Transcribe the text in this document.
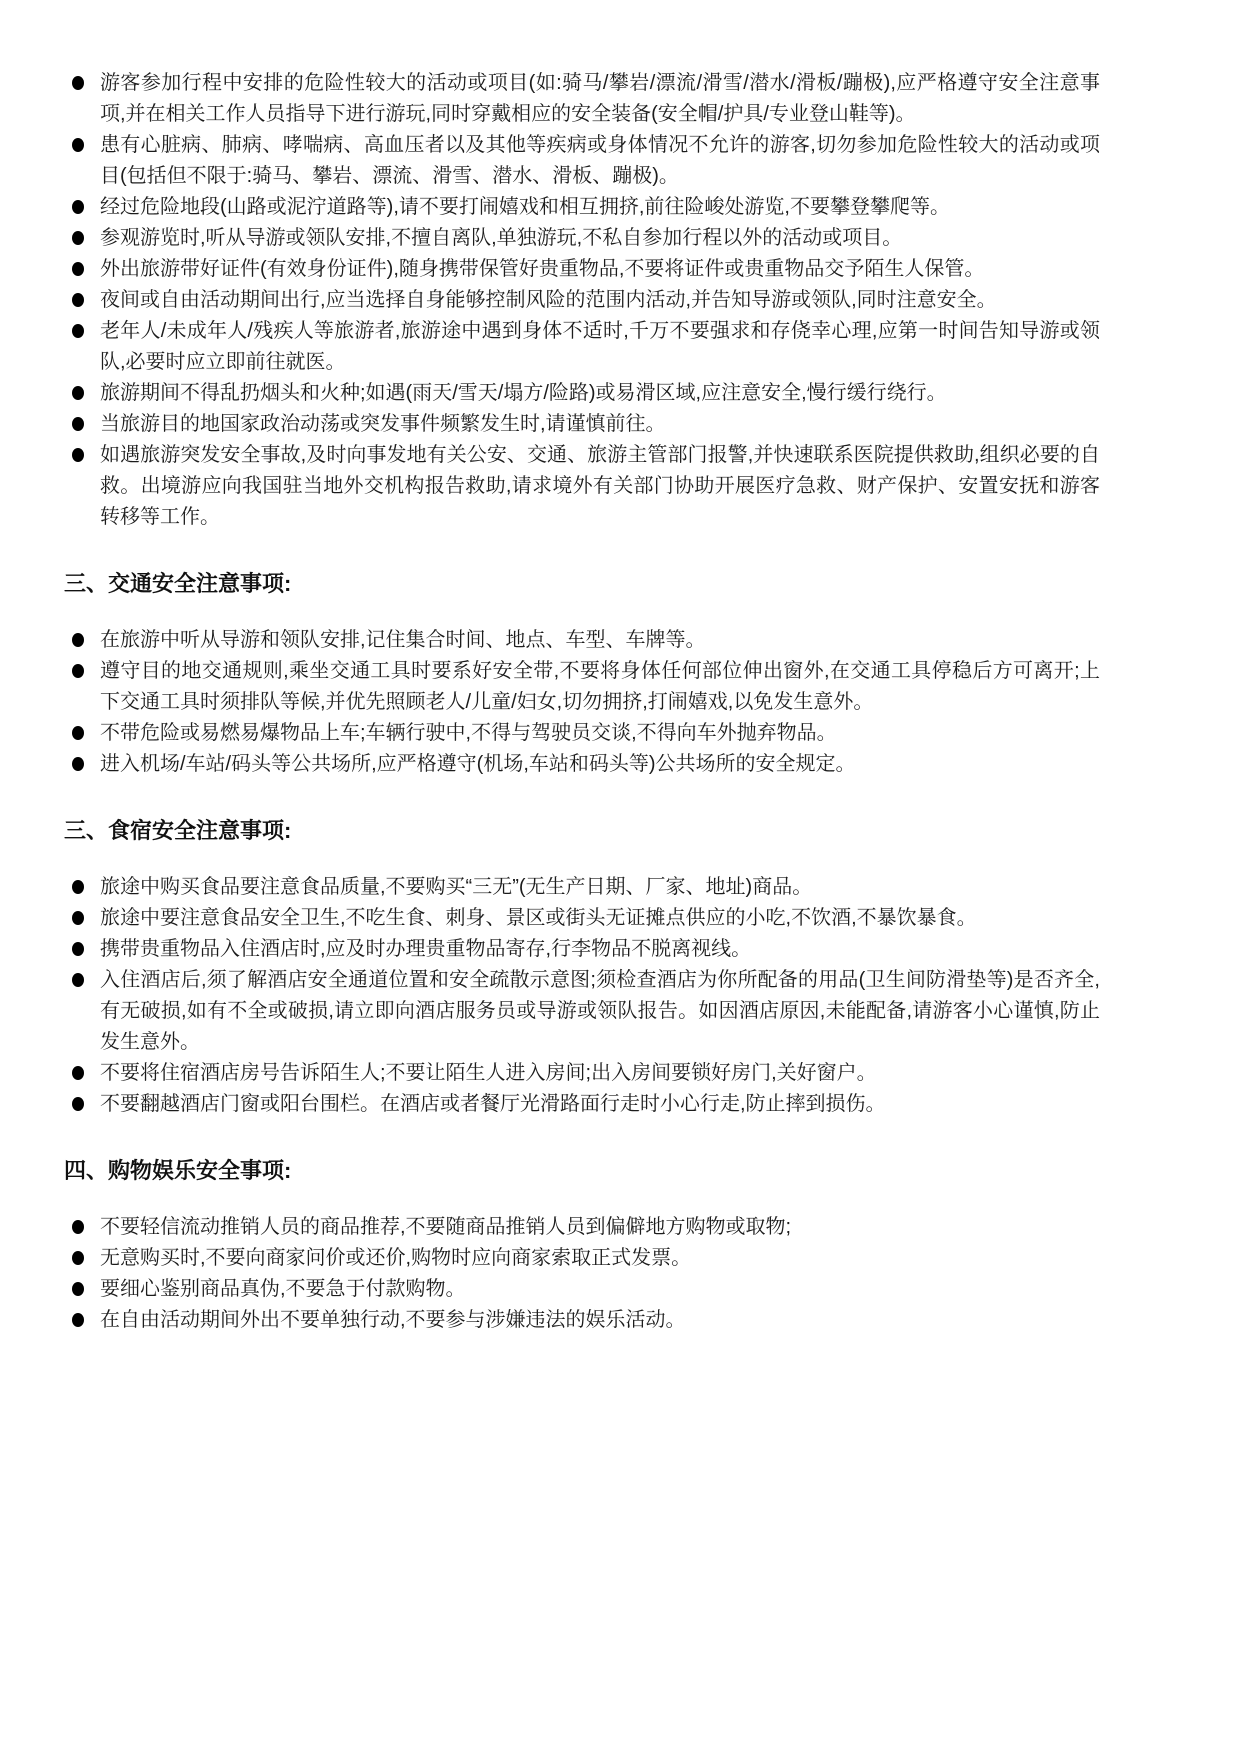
游客参加行程中安排的危险性较大的活动或项目(如:骑马/攀岩/漂流/滑雪/潜水/滑板/蹦极),应严格遵守安全注意事项,并在相关工作人员指导下进行游玩,同时穿戴相应的安全装备(安全帽/护具/专业登山鞋等)。
患有心脏病、肺病、哮喘病、高血压者以及其他等疾病或身体情况不允许的游客,切勿参加危险性较大的活动或项目(包括但不限于:骑马、攀岩、漂流、滑雪、潜水、滑板、蹦极)。
经过危险地段(山路或泥泞道路等),请不要打闹嬉戏和相互拥挤,前往险峻处游览,不要攀登攀爬等。
参观游览时,听从导游或领队安排,不擅自离队,单独游玩,不私自参加行程以外的活动或项目。
外出旅游带好证件(有效身份证件),随身携带保管好贵重物品,不要将证件或贵重物品交予陌生人保管。
夜间或自由活动期间出行,应当选择自身能够控制风险的范围内活动,并告知导游或领队,同时注意安全。
老年人/未成年人/残疾人等旅游者,旅游途中遇到身体不适时,千万不要强求和存侥幸心理,应第一时间告知导游或领队,必要时应立即前往就医。
旅游期间不得乱扔烟头和火种;如遇(雨天/雪天/塌方/险路)或易滑区域,应注意安全,慢行缓行绕行。
当旅游目的地国家政治动荡或突发事件频繁发生时,请谨慎前往。
如遇旅游突发安全事故,及时向事发地有关公安、交通、旅游主管部门报警,并快速联系医院提供救助,组织必要的自救。出境游应向我国驻当地外交机构报告救助,请求境外有关部门协助开展医疗急救、财产保护、安置安抚和游客转移等工作。
三、交通安全注意事项:
在旅游中听从导游和领队安排,记住集合时间、地点、车型、车牌等。
遵守目的地交通规则,乘坐交通工具时要系好安全带,不要将身体任何部位伸出窗外,在交通工具停稳后方可离开;上下交通工具时须排队等候,并优先照顾老人/儿童/妇女,切勿拥挤,打闹嬉戏,以免发生意外。
不带危险或易燃易爆物品上车;车辆行驶中,不得与驾驶员交谈,不得向车外抛弃物品。
进入机场/车站/码头等公共场所,应严格遵守(机场,车站和码头等)公共场所的安全规定。
三、食宿安全注意事项:
旅途中购买食品要注意食品质量,不要购买“三无”(无生产日期、厂家、地址)商品。
旅途中要注意食品安全卫生,不吃生食、刺身、景区或街头无证摊点供应的小吃,不饮酒,不暴饮暴食。
携带贵重物品入住酒店时,应及时办理贵重物品寄存,行李物品不脱离视线。
入住酒店后,须了解酒店安全通道位置和安全疏散示意图;须检查酒店为你所配备的用品(卫生间防滑垫等)是否齐全,有无破损,如有不全或破损,请立即向酒店服务员或导游或领队报告。如因酒店原因,未能配备,请游客小心谨慎,防止发生意外。
不要将住宿酒店房号告诉陌生人;不要让陌生人进入房间;出入房间要锁好房门,关好窗户。
不要翻越酒店门窗或阳台围栏。在酒店或者餐厅光滑路面行走时小心行走,防止摔到损伤。
四、购物娱乐安全事项:
不要轻信流动推销人员的商品推荐,不要随商品推销人员到偏僻地方购物或取物;
无意购买时,不要向商家问价或还价,购物时应向商家索取正式发票。
要细心鉴别商品真伪,不要急于付款购物。
在自由活动期间外出不要单独行动,不要参与涉嫌违法的娱乐活动。
